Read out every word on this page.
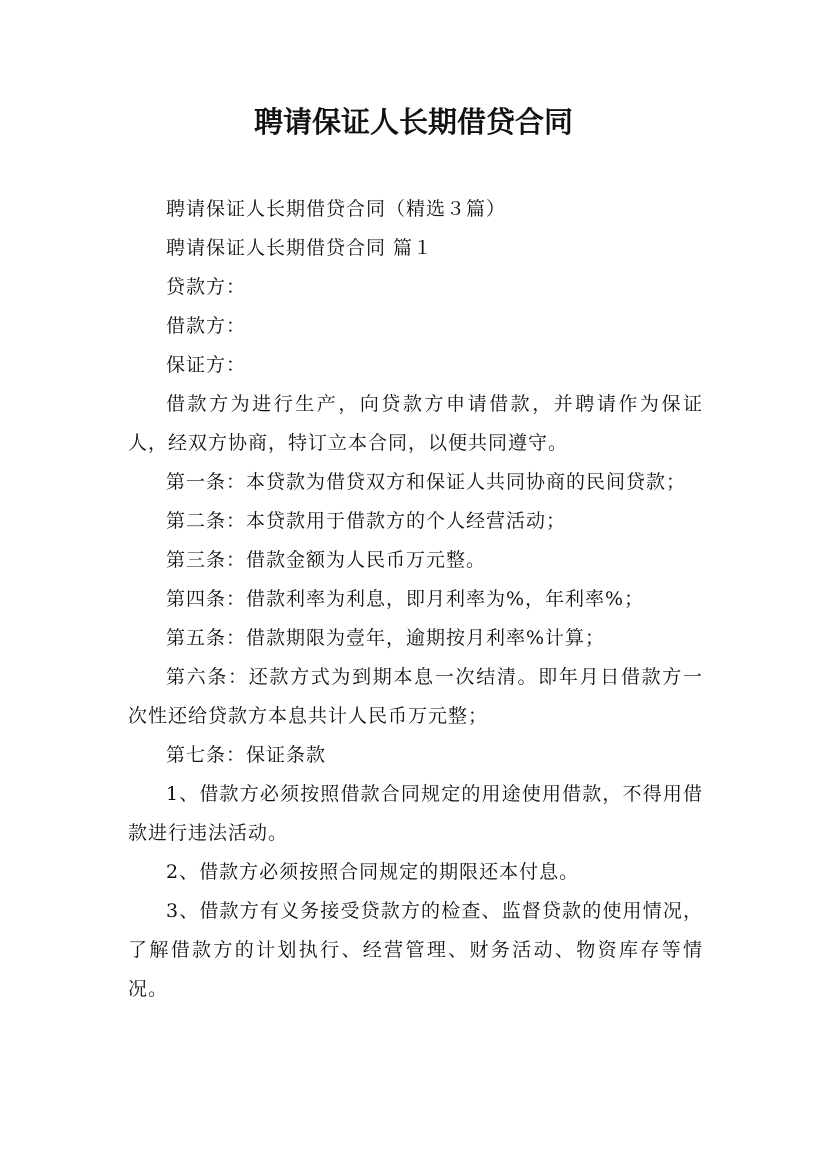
聘请保证人长期借贷合同

聘请保证人长期借贷合同（精选３篇）

聘请保证人长期借贷合同 篇１

贷款方：

借款方：

保证方：

借款方为进行生产，向贷款方申请借款，并聘请作为保证人，经双方协商，特订立本合同，以便共同遵守。

第一条：本贷款为借贷双方和保证人共同协商的民间贷款；

第二条：本贷款用于借款方的个人经营活动；

第三条：借款金额为人民币万元整。

第四条：借款利率为利息，即月利率为%，年利率%；

第五条：借款期限为壹年，逾期按月利率%计算；

第六条：还款方式为到期本息一次结清。即年月日借款方一次性还给贷款方本息共计人民币万元整；

第七条：保证条款

1、借款方必须按照借款合同规定的用途使用借款，不得用借款进行违法活动。

2、借款方必须按照合同规定的期限还本付息。

3、借款方有义务接受贷款方的检查、监督贷款的使用情况，了解借款方的计划执行、经营管理、财务活动、物资库存等情况。
